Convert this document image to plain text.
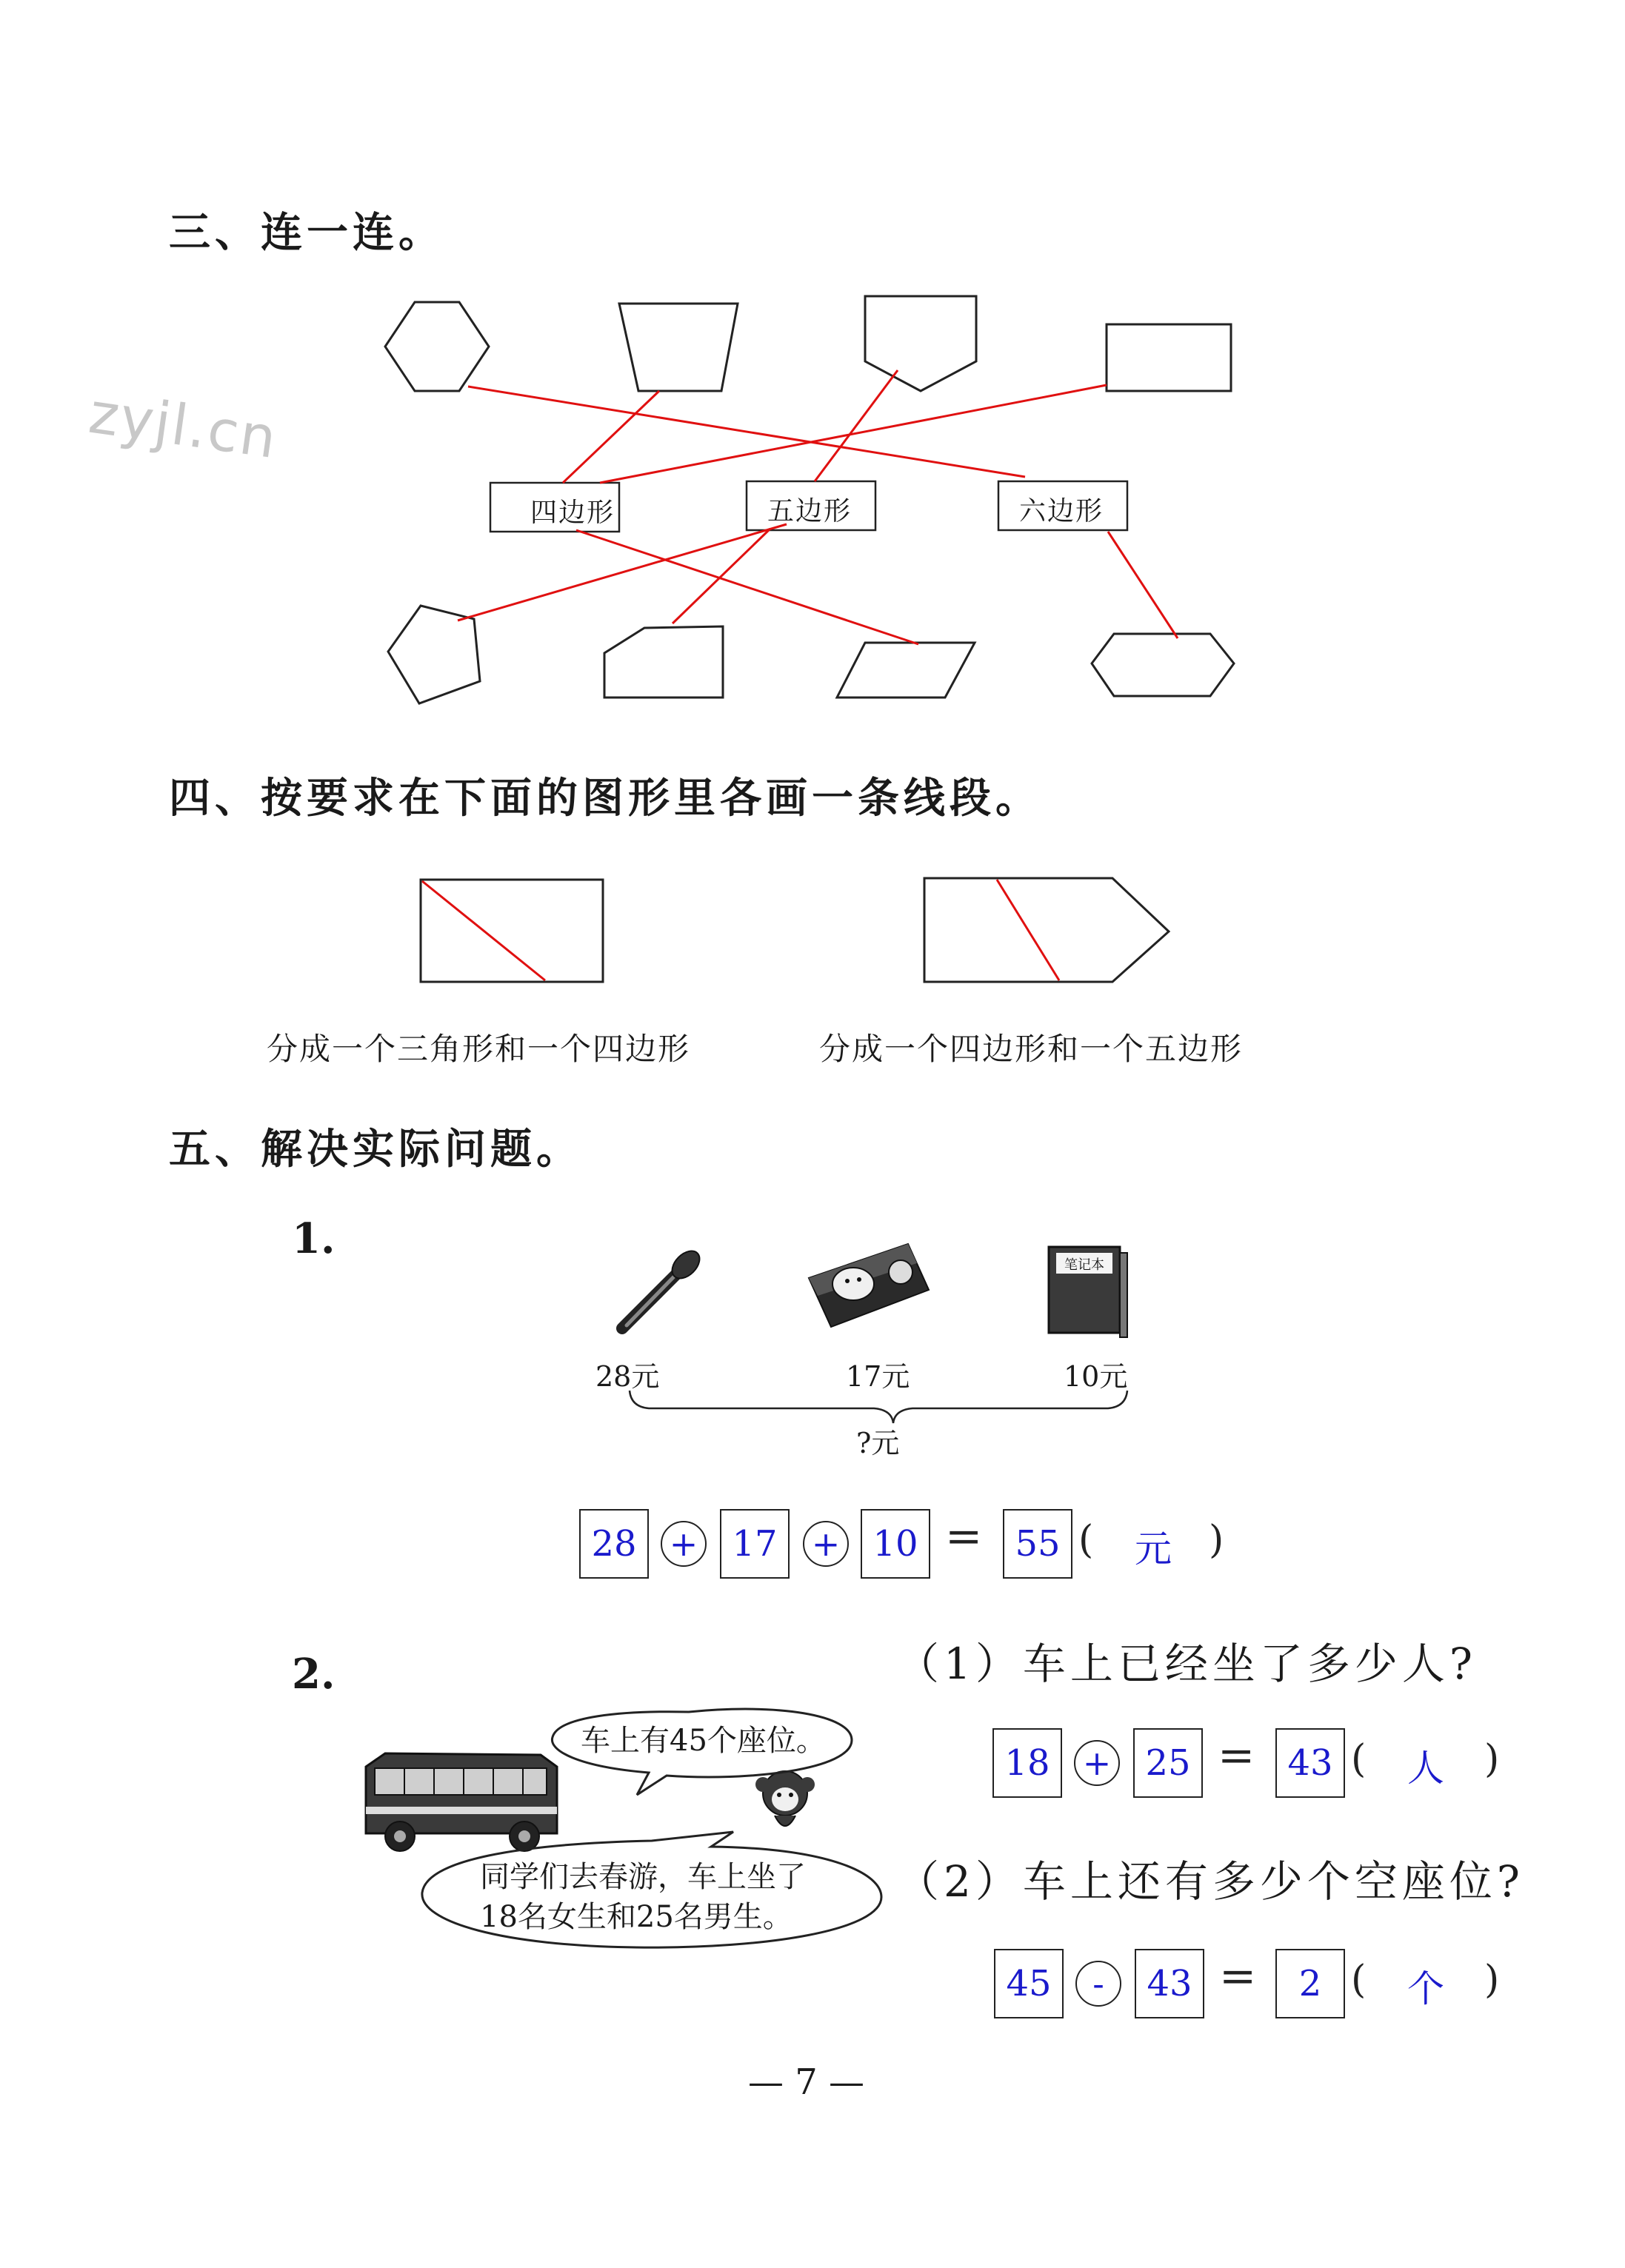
zyjl.cn
三、连一连。
笔记本
四边形	五边形	六边形
四、按要求在下面的图形里各画一条线段。
分成一个三角形和一个四边形	分成一个四边形和一个五边形
五、解决实际问题。
1.
28元	17元	10元
?元
28 + 17	+ 10 = 55 ( 元 )
2.
车上有45个座位。
同学们去春游，车上坐了
18名女生和25名男生。
（1）车上已经坐了多少人?
18 + 25 = 43 ( 人 )
（2）车上还有多少个空座位?
45	-	43 =	2 ( 个 )
— 7 —
